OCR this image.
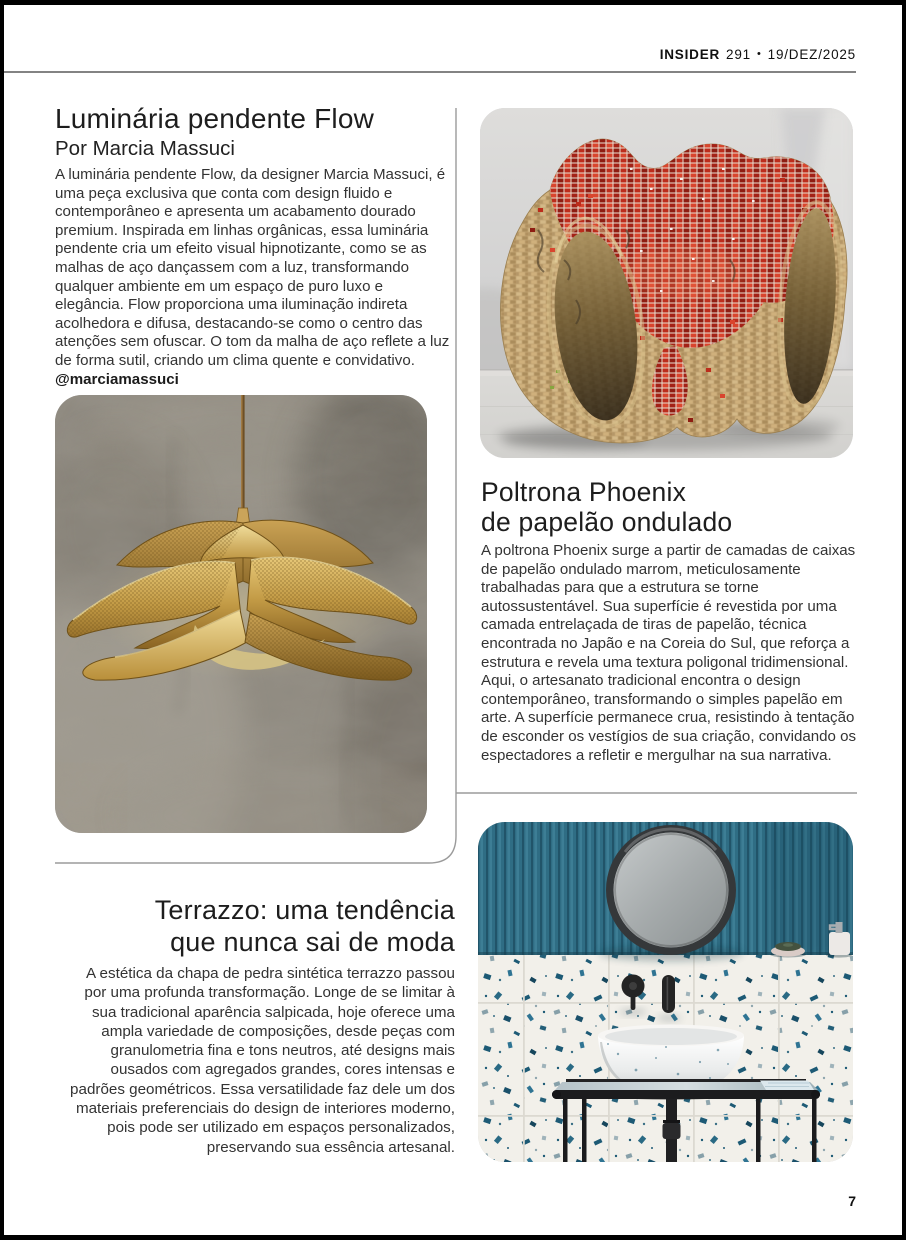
INSIDER 291 • 19/DEZ/2025
Luminária pendente Flow
Por Marcia Massuci

A luminária pendente Flow, da designer Marcia Massuci, é uma peça exclusiva que conta com design fluido e contemporâneo e apresenta um acabamento dourado premium. Inspirada em linhas orgânicas, essa luminária pendente cria um efeito visual hipnotizante, como se as malhas de aço dançassem com a luz, transformando qualquer ambiente em um espaço de puro luxo e elegância. Flow proporciona uma iluminação indireta acolhedora e difusa, destacando-se como o centro das atenções sem ofuscar. O tom da malha de aço reflete a luz de forma sutil, criando um clima quente e convidativo. @marciamassuci

Poltrona Phoenix
de papelão ondulado

A poltrona Phoenix surge a partir de camadas de caixas de papelão ondulado marrom, meticulosamente trabalhadas para que a estrutura se torne autossustentável. Sua superfície é revestida por uma camada entrelaçada de tiras de papelão, técnica encontrada no Japão e na Coreia do Sul, que reforça a estrutura e revela uma textura poligonal tridimensional. Aqui, o artesanato tradicional encontra o design contemporâneo, transformando o simples papelão em arte. A superfície permanece crua, resistindo à tentação de esconder os vestígios de sua criação, convidando os espectadores a refletir e mergulhar na sua narrativa.

Terrazzo: uma tendência
que nunca sai de moda

A estética da chapa de pedra sintética terrazzo passou por uma profunda transformação. Longe de se limitar à sua tradicional aparência salpicada, hoje oferece uma ampla variedade de composições, desde peças com granulometria fina e tons neutros, até designs mais ousados com agregados grandes, cores intensas e padrões geométricos. Essa versatilidade faz dele um dos materiais preferenciais do design de interiores moderno, pois pode ser utilizado em espaços personalizados, preservando sua essência artesanal.

7
